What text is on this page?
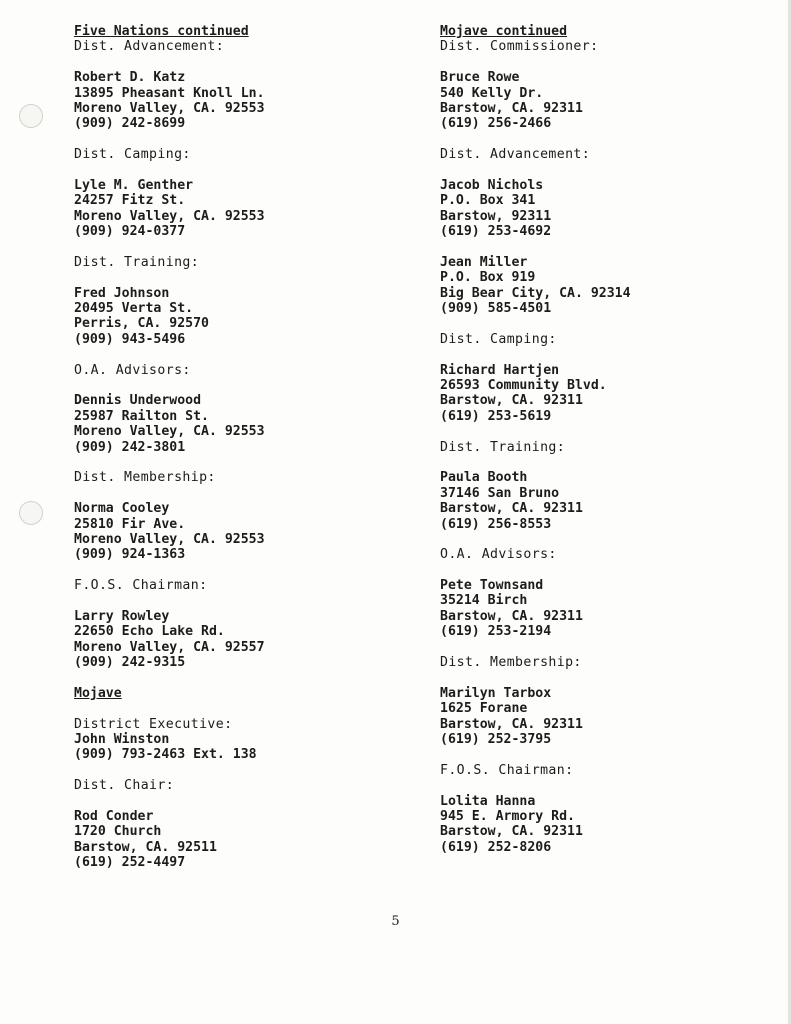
Five Nations continued
Dist. Advancement:
Robert D. Katz
13895 Pheasant Knoll Ln.
Moreno Valley, CA. 92553
(909) 242-8699
Dist. Camping:
Lyle M. Genther
24257 Fitz St.
Moreno Valley, CA. 92553
(909) 924-0377
Dist. Training:
Fred Johnson
20495 Verta St.
Perris, CA. 92570
(909) 943-5496
O.A. Advisors:
Dennis Underwood
25987 Railton St.
Moreno Valley, CA. 92553
(909) 242-3801
Dist. Membership:
Norma Cooley
25810 Fir Ave.
Moreno Valley, CA. 92553
(909) 924-1363
F.O.S. Chairman:
Larry Rowley
22650 Echo Lake Rd.
Moreno Valley, CA. 92557
(909) 242-9315
Mojave
District Executive:
John Winston
(909) 793-2463 Ext. 138
Dist. Chair:
Rod Conder
1720 Church
Barstow, CA. 92511
(619) 252-4497
Mojave continued
Dist. Commissioner:
Bruce Rowe
540 Kelly Dr.
Barstow, CA. 92311
(619) 256-2466
Dist. Advancement:
Jacob Nichols
P.O. Box 341
Barstow, 92311
(619) 253-4692
Jean Miller
P.O. Box 919
Big Bear City, CA. 92314
(909) 585-4501
Dist. Camping:
Richard Hartjen
26593 Community Blvd.
Barstow, CA. 92311
(619) 253-5619
Dist. Training:
Paula Booth
37146 San Bruno
Barstow, CA. 92311
(619) 256-8553
O.A. Advisors:
Pete Townsand
35214 Birch
Barstow, CA. 92311
(619) 253-2194
Dist. Membership:
Marilyn Tarbox
1625 Forane
Barstow, CA. 92311
(619) 252-3795
F.O.S. Chairman:
Lolita Hanna
945 E. Armory Rd.
Barstow, CA. 92311
(619) 252-8206
5
